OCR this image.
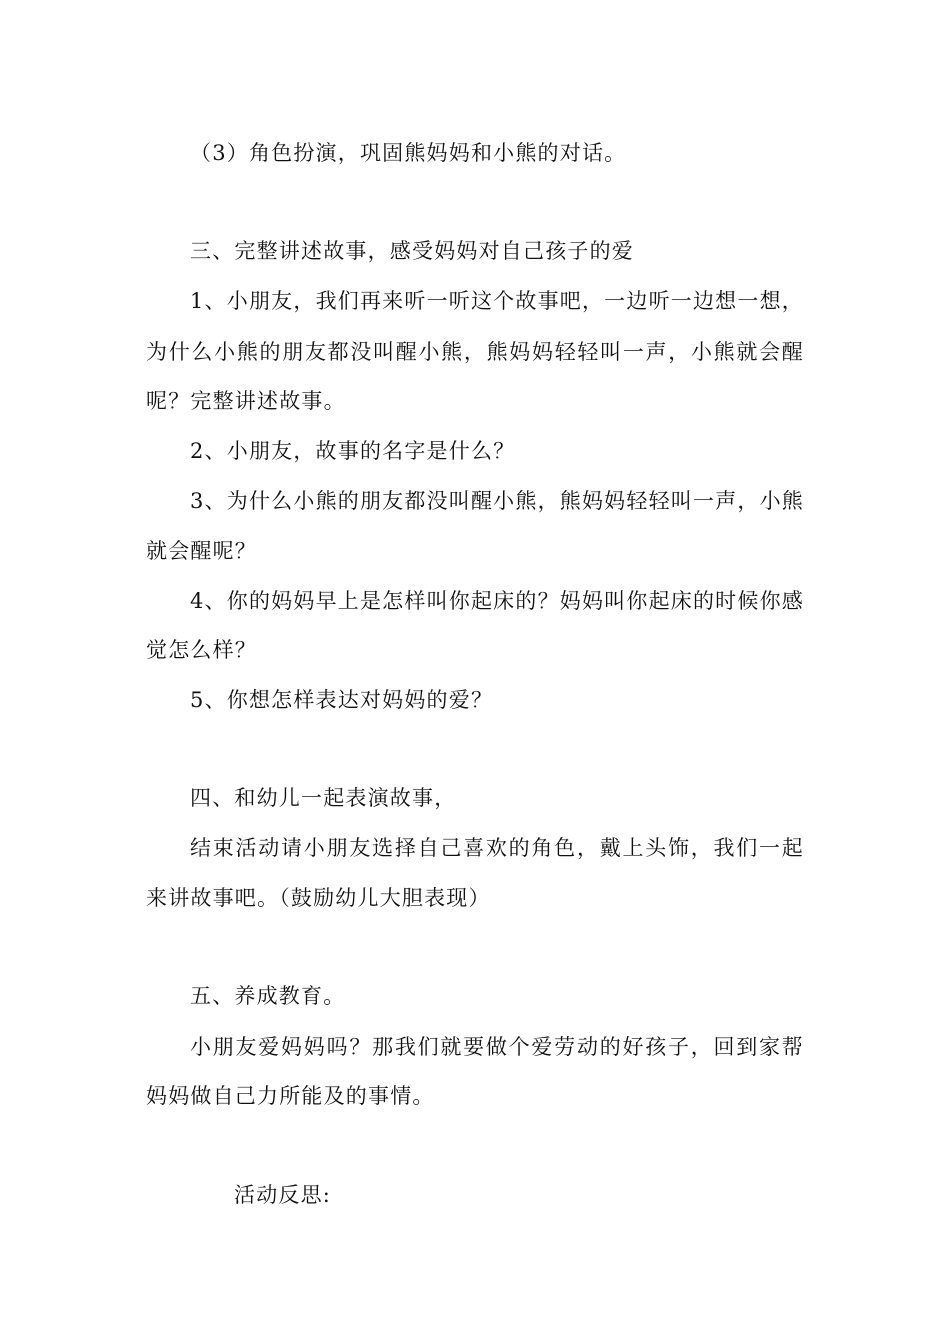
（3）角色扮演，巩固熊妈妈和小熊的对话。
三、完整讲述故事，感受妈妈对自己孩子的爱
1、小朋友，我们再来听一听这个故事吧，一边听一边想一想，
为什么小熊的朋友都没叫醒小熊，熊妈妈轻轻叫一声，小熊就会醒
呢？完整讲述故事。
2、小朋友，故事的名字是什么？
3、为什么小熊的朋友都没叫醒小熊，熊妈妈轻轻叫一声，小熊
就会醒呢？
4、你的妈妈早上是怎样叫你起床的？妈妈叫你起床的时候你感
觉怎么样？
5、你想怎样表达对妈妈的爱？
四、和幼儿一起表演故事，
结束活动请小朋友选择自己喜欢的角色，戴上头饰，我们一起
来讲故事吧。（鼓励幼儿大胆表现）
五、养成教育。
小朋友爱妈妈吗？那我们就要做个爱劳动的好孩子，回到家帮
妈妈做自己力所能及的事情。
活动反思:
